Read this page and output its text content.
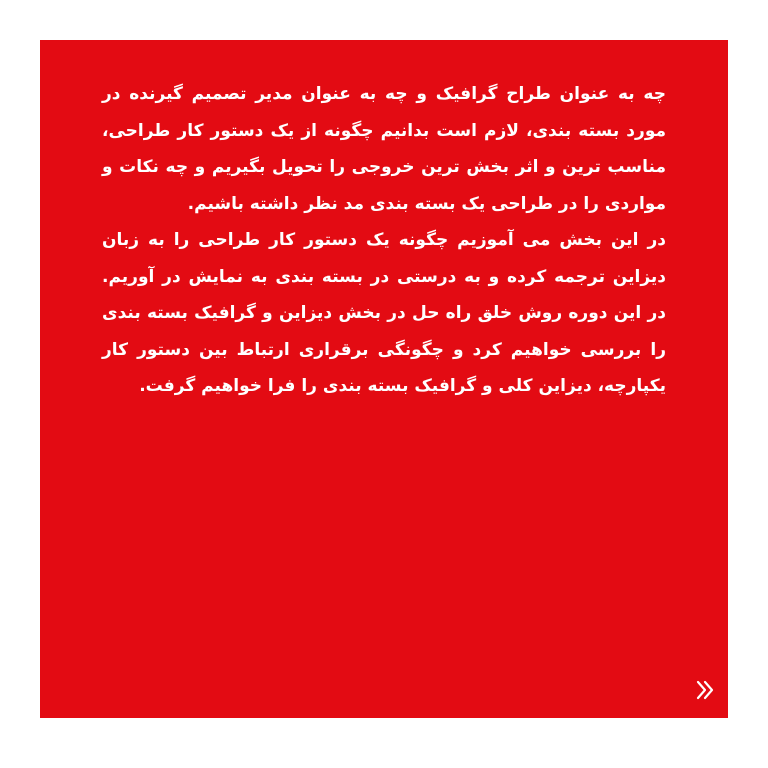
چه به عنوان طراح گرافیک و چه به عنوان مدیر تصمیم گیرنده در مورد بسته بندی، لازم است بدانیم چگونه از یک دستور کار طراحی، مناسب ترین و اثر بخش ترین خروجی را تحویل بگیریم و چه نکات و مواردی را در طراحی یک بسته بندی مد نظر داشته باشیم.

در این بخش می آموزیم چگونه یک دستور کار طراحی را به زبان دیزاین ترجمه کرده و به درستی در بسته بندی به نمایش در آوریم. در این دوره روش خلق راه حل در بخش دیزاین و گرافیک بسته بندی را بررسی خواهیم کرد و چگونگی برقراری ارتباط بین دستور کار یکپارچه، دیزاین کلی و گرافیک بسته بندی را فرا خواهیم گرفت.
